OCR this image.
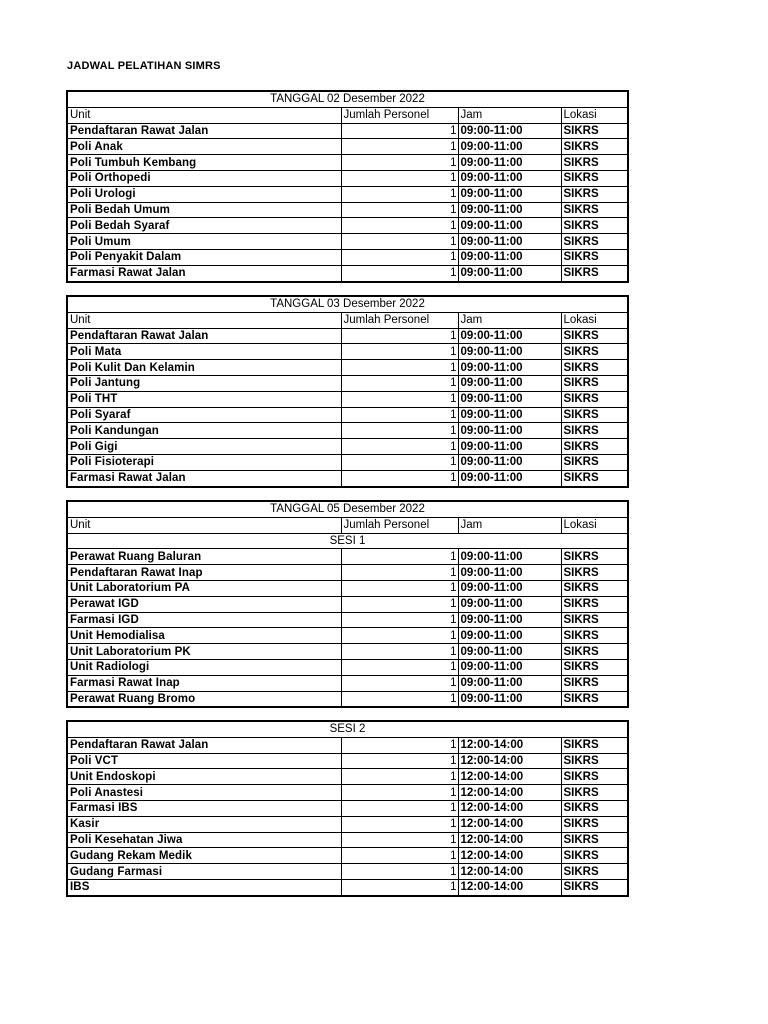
JADWAL PELATIHAN SIMRS
TANGGAL 02 Desember 2022			
Unit	Jumlah Personel	Jam	Lokasi
Pendaftaran Rawat Jalan	1	09:00-11:00	SIKRS
Poli Anak	1	09:00-11:00	SIKRS
Poli Tumbuh Kembang	1	09:00-11:00	SIKRS
Poli Orthopedi	1	09:00-11:00	SIKRS
Poli Urologi	1	09:00-11:00	SIKRS
Poli Bedah Umum	1	09:00-11:00	SIKRS
Poli Bedah Syaraf	1	09:00-11:00	SIKRS
Poli Umum	1	09:00-11:00	SIKRS
Poli Penyakit Dalam	1	09:00-11:00	SIKRS
Farmasi Rawat Jalan	1	09:00-11:00	SIKRS
TANGGAL 03 Desember 2022			
Unit	Jumlah Personel	Jam	Lokasi
Pendaftaran Rawat Jalan	1	09:00-11:00	SIKRS
Poli Mata	1	09:00-11:00	SIKRS
Poli Kulit Dan Kelamin	1	09:00-11:00	SIKRS
Poli Jantung	1	09:00-11:00	SIKRS
Poli THT	1	09:00-11:00	SIKRS
Poli Syaraf	1	09:00-11:00	SIKRS
Poli Kandungan	1	09:00-11:00	SIKRS
Poli Gigi	1	09:00-11:00	SIKRS
Poli Fisioterapi	1	09:00-11:00	SIKRS
Farmasi Rawat Jalan	1	09:00-11:00	SIKRS
TANGGAL 05 Desember 2022			
Unit	Jumlah Personel	Jam	Lokasi
SESI 1			
Perawat Ruang Baluran	1	09:00-11:00	SIKRS
Pendaftaran Rawat Inap	1	09:00-11:00	SIKRS
Unit Laboratorium PA	1	09:00-11:00	SIKRS
Perawat IGD	1	09:00-11:00	SIKRS
Farmasi IGD	1	09:00-11:00	SIKRS
Unit Hemodialisa	1	09:00-11:00	SIKRS
Unit Laboratorium PK	1	09:00-11:00	SIKRS
Unit Radiologi	1	09:00-11:00	SIKRS
Farmasi Rawat Inap	1	09:00-11:00	SIKRS
Perawat Ruang Bromo	1	09:00-11:00	SIKRS
SESI 2			
Pendaftaran Rawat Jalan	1	12:00-14:00	SIKRS
Poli VCT	1	12:00-14:00	SIKRS
Unit Endoskopi	1	12:00-14:00	SIKRS
Poli Anastesi	1	12:00-14:00	SIKRS
Farmasi IBS	1	12:00-14:00	SIKRS
Kasir	1	12:00-14:00	SIKRS
Poli Kesehatan Jiwa	1	12:00-14:00	SIKRS
Gudang Rekam Medik	1	12:00-14:00	SIKRS
Gudang Farmasi	1	12:00-14:00	SIKRS
IBS	1	12:00-14:00	SIKRS
